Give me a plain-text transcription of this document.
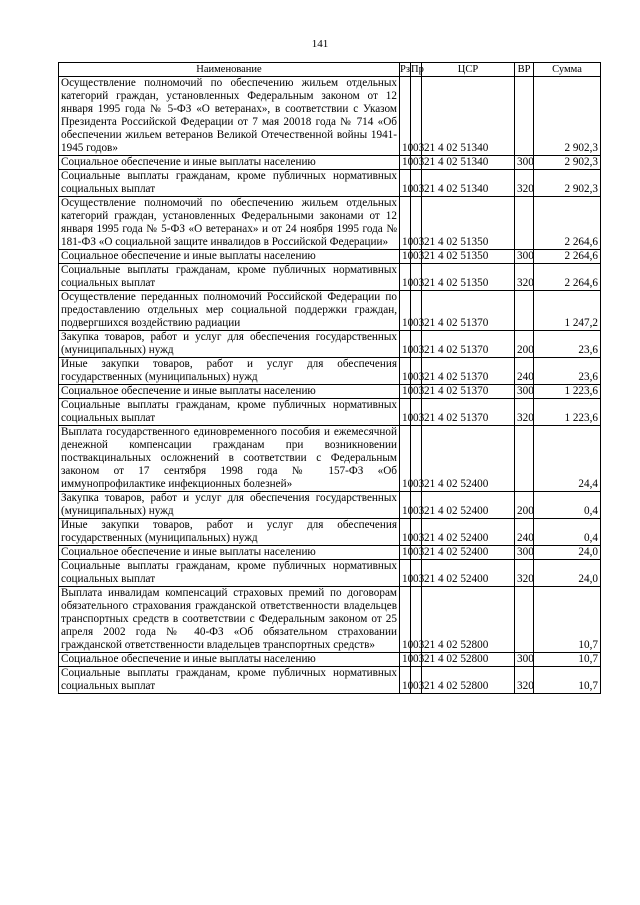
141
Наименование	Рз	Пр	ЦСР	ВР	Сумма
Осуществление полномочий по обеспечению жильем отдельных категорий граждан, установленных Федеральным законом от 12 января 1995 года № 5-ФЗ «О ветеранах», в соответствии с Указом Президента Российской Федерации от 7 мая 20018 года № 714 «Об обеспечении жильем ветеранов Великой Отечественной войны 1941-1945 годов»	10	03	21 4 02 51340		2 902,3
Социальное обеспечение и иные выплаты населению	10	03	21 4 02 51340	300	2 902,3
Социальные выплаты гражданам, кроме публичных нормативных социальных выплат	10	03	21 4 02 51340	320	2 902,3
Осуществление полномочий по обеспечению жильем отдельных категорий граждан, установленных Федеральными законами от 12 января 1995 года № 5-ФЗ «О ветеранах» и от 24 ноября 1995 года № 181-ФЗ «О социальной защите инвалидов в Российской Федерации»	10	03	21 4 02 51350		2 264,6
Социальное обеспечение и иные выплаты населению	10	03	21 4 02 51350	300	2 264,6
Социальные выплаты гражданам, кроме публичных нормативных социальных выплат	10	03	21 4 02 51350	320	2 264,6
Осуществление переданных полномочий Российской Федерации по предоставлению отдельных мер социальной поддержки граждан, подвергшихся воздействию радиации	10	03	21 4 02 51370		1 247,2
Закупка товаров, работ и услуг для обеспечения государственных (муниципальных) нужд	10	03	21 4 02 51370	200	23,6
Иные закупки товаров, работ и услуг для обеспечения государственных (муниципальных) нужд	10	03	21 4 02 51370	240	23,6
Социальное обеспечение и иные выплаты населению	10	03	21 4 02 51370	300	1 223,6
Социальные выплаты гражданам, кроме публичных нормативных социальных выплат	10	03	21 4 02 51370	320	1 223,6
Выплата государственного единовременного пособия и ежемесячной денежной компенсации гражданам при возникновении поствакцинальных осложнений в соответствии с Федеральным законом от 17 сентября 1998 года № 157-ФЗ «Об иммунопрофилактике инфекционных болезней»	10	03	21 4 02 52400		24,4
Закупка товаров, работ и услуг для обеспечения государственных (муниципальных) нужд	10	03	21 4 02 52400	200	0,4
Иные закупки товаров, работ и услуг для обеспечения государственных (муниципальных) нужд	10	03	21 4 02 52400	240	0,4
Социальное обеспечение и иные выплаты населению	10	03	21 4 02 52400	300	24,0
Социальные выплаты гражданам, кроме публичных нормативных социальных выплат	10	03	21 4 02 52400	320	24,0
Выплата инвалидам компенсаций страховых премий по договорам обязательного страхования гражданской ответственности владельцев транспортных средств в соответствии с Федеральным законом от 25 апреля 2002 года № 40-ФЗ «Об обязательном страховании гражданской ответственности владельцев транспортных средств»	10	03	21 4 02 52800		10,7
Социальное обеспечение и иные выплаты населению	10	03	21 4 02 52800	300	10,7
Социальные выплаты гражданам, кроме публичных нормативных социальных выплат	10	03	21 4 02 52800	320	10,7
